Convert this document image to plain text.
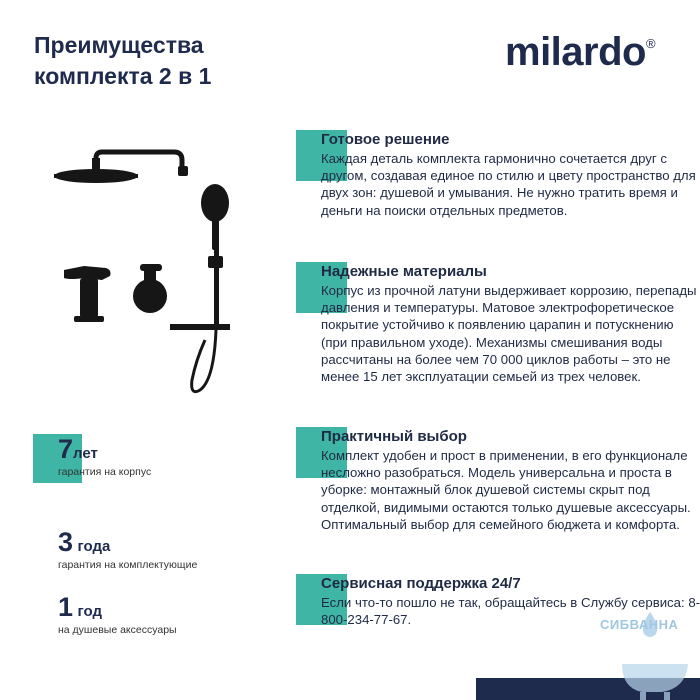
Преимущества
комплекта 2 в 1
milardo®
Готовое решение

Каждая деталь комплекта гармонично сочетается друг с другом, создавая единое по стилю и цвету пространство для двух зон: душевой и умывания. Не нужно тратить время и деньги на поиски отдельных предметов.

Надежные материалы

Корпус из прочной латуни выдерживает коррозию, перепады давления и температуры. Матовое электрофоретическое покрытие устойчиво к появлению царапин и потускнению (при правильном уходе). Механизмы смешивания воды рассчитаны на более чем 70 000 циклов работы – это не менее 15 лет эксплуатации семьей из трех человек.

Практичный выбор

Комплект удобен и прост в применении, в его функционале несложно разобраться. Модель универсальна и проста в уборке: монтажный блок душевой системы скрыт под отделкой, видимыми остаются только душевые аксессуары. Оптимальный выбор для семейного бюджета и комфорта.

Сервисная поддержка 24/7

Если что-то пошло не так, обращайтесь в Службу сервиса: 8-800-234-77-67.

7лет
гарантия на корпус
3 года
гарантия на комплектующие
1 год
на душевые аксессуары	СИБВАННА
